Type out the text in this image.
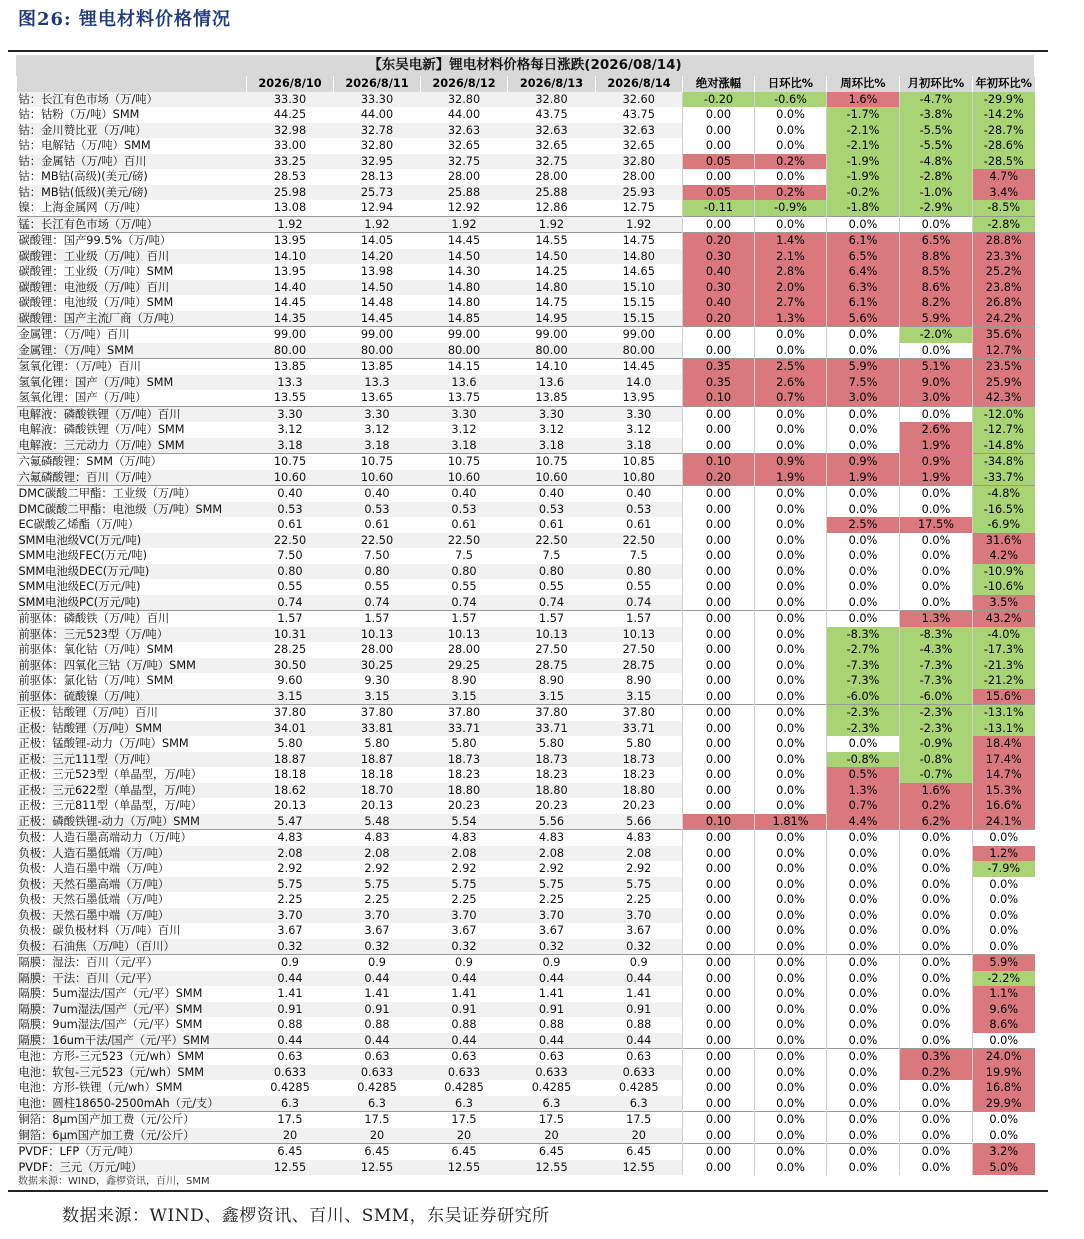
图26: 锂电材料价格情况
【东吴电新】锂电材料价格每日涨跌(2026/08/14)
	2026/8/10	2026/8/11	2026/8/12	2026/8/13	2026/8/14	绝对涨幅	日环比%	周环比%	月初环比%	年初环比%
钴：长江有色市场（万/吨）	33.30	33.30	32.80	32.80	32.60	-0.20	-0.6%	1.6%	-4.7%	-29.9%
钴：钴粉（万/吨）SMM	44.25	44.00	44.00	43.75	43.75	0.00	0.0%	-1.7%	-3.8%	-14.2%
钴：金川赞比亚（万/吨）	32.98	32.78	32.63	32.63	32.63	0.00	0.0%	-2.1%	-5.5%	-28.7%
钴：电解钴（万/吨）SMM	33.00	32.80	32.65	32.65	32.65	0.00	0.0%	-2.1%	-5.5%	-28.6%
钴：金属钴（万/吨）百川	33.25	32.95	32.75	32.75	32.80	0.05	0.2%	-1.9%	-4.8%	-28.5%
钴：MB钴(高级)(美元/磅)	28.53	28.13	28.00	28.00	28.00	0.00	0.0%	-1.9%	-2.8%	4.7%
钴：MB钴(低级)(美元/磅)	25.98	25.73	25.88	25.88	25.93	0.05	0.2%	-0.2%	-1.0%	3.4%
镍：上海金属网（万/吨）	13.08	12.94	12.92	12.86	12.75	-0.11	-0.9%	-1.8%	-2.9%	-8.5%
锰：长江有色市场（万/吨）	1.92	1.92	1.92	1.92	1.92	0.00	0.0%	0.0%	0.0%	-2.8%
碳酸锂：国产99.5%（万/吨）	13.95	14.05	14.45	14.55	14.75	0.20	1.4%	6.1%	6.5%	28.8%
碳酸锂：工业级（万/吨）百川	14.10	14.20	14.50	14.50	14.80	0.30	2.1%	6.5%	8.8%	23.3%
碳酸锂：工业级（万/吨）SMM	13.95	13.98	14.30	14.25	14.65	0.40	2.8%	6.4%	8.5%	25.2%
碳酸锂：电池级（万/吨）百川	14.40	14.50	14.80	14.80	15.10	0.30	2.0%	6.3%	8.6%	23.8%
碳酸锂：电池级（万/吨）SMM	14.45	14.48	14.80	14.75	15.15	0.40	2.7%	6.1%	8.2%	26.8%
碳酸锂：国产主流厂商（万/吨）	14.35	14.45	14.85	14.95	15.15	0.20	1.3%	5.6%	5.9%	24.2%
金属锂：（万/吨）百川	99.00	99.00	99.00	99.00	99.00	0.00	0.0%	0.0%	-2.0%	35.6%
金属锂：（万/吨）SMM	80.00	80.00	80.00	80.00	80.00	0.00	0.0%	0.0%	0.0%	12.7%
氢氧化锂：（万/吨）百川	13.85	13.85	14.15	14.10	14.45	0.35	2.5%	5.9%	5.1%	23.5%
氢氧化锂：国产（万/吨）SMM	13.3	13.3	13.6	13.6	14.0	0.35	2.6%	7.5%	9.0%	25.9%
氢氧化锂：国产（万/吨）	13.55	13.65	13.75	13.85	13.95	0.10	0.7%	3.0%	3.0%	42.3%
电解液：磷酸铁锂（万/吨）百川	3.30	3.30	3.30	3.30	3.30	0.00	0.0%	0.0%	0.0%	-12.0%
电解液：磷酸铁锂（万/吨）SMM	3.12	3.12	3.12	3.12	3.12	0.00	0.0%	0.0%	2.6%	-12.7%
电解液：三元动力（万/吨）SMM	3.18	3.18	3.18	3.18	3.18	0.00	0.0%	0.0%	1.9%	-14.8%
六氟磷酸锂：SMM（万/吨）	10.75	10.75	10.75	10.75	10.85	0.10	0.9%	0.9%	0.9%	-34.8%
六氟磷酸锂：百川（万/吨）	10.60	10.60	10.60	10.60	10.80	0.20	1.9%	1.9%	1.9%	-33.7%
DMC碳酸二甲酯：工业级（万/吨）	0.40	0.40	0.40	0.40	0.40	0.00	0.0%	0.0%	0.0%	-4.8%
DMC碳酸二甲酯：电池级（万/吨）SMM	0.53	0.53	0.53	0.53	0.53	0.00	0.0%	0.0%	0.0%	-16.5%
EC碳酸乙烯酯（万/吨）	0.61	0.61	0.61	0.61	0.61	0.00	0.0%	2.5%	17.5%	-6.9%
SMM电池级VC(万元/吨)	22.50	22.50	22.50	22.50	22.50	0.00	0.0%	0.0%	0.0%	31.6%
SMM电池级FEC(万元/吨)	7.50	7.50	7.5	7.5	7.5	0.00	0.0%	0.0%	0.0%	4.2%
SMM电池级DEC(万元/吨)	0.80	0.80	0.80	0.80	0.80	0.00	0.0%	0.0%	0.0%	-10.9%
SMM电池级EC(万元/吨)	0.55	0.55	0.55	0.55	0.55	0.00	0.0%	0.0%	0.0%	-10.6%
SMM电池级PC(万元/吨)	0.74	0.74	0.74	0.74	0.74	0.00	0.0%	0.0%	0.0%	3.5%
前驱体：磷酸铁（万/吨）百川	1.57	1.57	1.57	1.57	1.57	0.00	0.0%	0.0%	1.3%	43.2%
前驱体：三元523型（万/吨）	10.31	10.13	10.13	10.13	10.13	0.00	0.0%	-8.3%	-8.3%	-4.0%
前驱体：氧化钴（万/吨）SMM	28.25	28.00	28.00	27.50	27.50	0.00	0.0%	-2.7%	-4.3%	-17.3%
前驱体：四氧化三钴（万/吨）SMM	30.50	30.25	29.25	28.75	28.75	0.00	0.0%	-7.3%	-7.3%	-21.3%
前驱体：氯化钴（万/吨）SMM	9.60	9.30	8.90	8.90	8.90	0.00	0.0%	-7.3%	-7.3%	-21.2%
前驱体：硫酸镍（万/吨）	3.15	3.15	3.15	3.15	3.15	0.00	0.0%	-6.0%	-6.0%	15.6%
正极：钴酸锂（万/吨）百川	37.80	37.80	37.80	37.80	37.80	0.00	0.0%	-2.3%	-2.3%	-13.1%
正极：钴酸锂（万/吨）SMM	34.01	33.81	33.71	33.71	33.71	0.00	0.0%	-2.3%	-2.3%	-13.1%
正极：锰酸锂-动力（万/吨）SMM	5.80	5.80	5.80	5.80	5.80	0.00	0.0%	0.0%	-0.9%	18.4%
正极：三元111型（万/吨）	18.87	18.87	18.73	18.73	18.73	0.00	0.0%	-0.8%	-0.8%	17.4%
正极：三元523型（单晶型，万/吨）	18.18	18.18	18.23	18.23	18.23	0.00	0.0%	0.5%	-0.7%	14.7%
正极：三元622型（单晶型，万/吨）	18.62	18.70	18.80	18.80	18.80	0.00	0.0%	1.3%	1.6%	15.3%
正极：三元811型（单晶型，万/吨）	20.13	20.13	20.23	20.23	20.23	0.00	0.0%	0.7%	0.2%	16.6%
正极：磷酸铁锂-动力（万/吨）SMM	5.47	5.48	5.54	5.56	5.66	0.10	1.81%	4.4%	6.2%	24.1%
负极：人造石墨高端动力（万/吨）	4.83	4.83	4.83	4.83	4.83	0.00	0.0%	0.0%	0.0%	0.0%
负极：人造石墨低端（万/吨）	2.08	2.08	2.08	2.08	2.08	0.00	0.0%	0.0%	0.0%	1.2%
负极：人造石墨中端（万/吨）	2.92	2.92	2.92	2.92	2.92	0.00	0.0%	0.0%	0.0%	-7.9%
负极：天然石墨高端（万/吨）	5.75	5.75	5.75	5.75	5.75	0.00	0.0%	0.0%	0.0%	0.0%
负极：天然石墨低端（万/吨）	2.25	2.25	2.25	2.25	2.25	0.00	0.0%	0.0%	0.0%	0.0%
负极：天然石墨中端（万/吨）	3.70	3.70	3.70	3.70	3.70	0.00	0.0%	0.0%	0.0%	0.0%
负极：碳负极材料（万/吨）百川	3.67	3.67	3.67	3.67	3.67	0.00	0.0%	0.0%	0.0%	0.0%
负极：石油焦（万/吨）（百川）	0.32	0.32	0.32	0.32	0.32	0.00	0.0%	0.0%	0.0%	0.0%
隔膜：湿法：百川（元/平）	0.9	0.9	0.9	0.9	0.9	0.00	0.0%	0.0%	0.0%	5.9%
隔膜：干法：百川（元/平）	0.44	0.44	0.44	0.44	0.44	0.00	0.0%	0.0%	0.0%	-2.2%
隔膜：5um湿法/国产（元/平）SMM	1.41	1.41	1.41	1.41	1.41	0.00	0.0%	0.0%	0.0%	1.1%
隔膜：7um湿法/国产（元/平）SMM	0.91	0.91	0.91	0.91	0.91	0.00	0.0%	0.0%	0.0%	9.6%
隔膜：9um湿法/国产（元/平）SMM	0.88	0.88	0.88	0.88	0.88	0.00	0.0%	0.0%	0.0%	8.6%
隔膜：16um干法/国产（元/平）SMM	0.44	0.44	0.44	0.44	0.44	0.00	0.0%	0.0%	0.0%	0.0%
电池：方形-三元523（元/wh）SMM	0.63	0.63	0.63	0.63	0.63	0.00	0.0%	0.0%	0.3%	24.0%
电池：软包-三元523（元/wh）SMM	0.633	0.633	0.633	0.633	0.633	0.00	0.0%	0.0%	0.2%	19.9%
电池：方形-铁锂（元/wh）SMM	0.4285	0.4285	0.4285	0.4285	0.4285	0.00	0.0%	0.0%	0.0%	16.8%
电池：圆柱18650-2500mAh（元/支）	6.3	6.3	6.3	6.3	6.3	0.00	0.0%	0.0%	0.0%	29.9%
铜箔：8μm国产加工费（元/公斤）	17.5	17.5	17.5	17.5	17.5	0.00	0.0%	0.0%	0.0%	0.0%
铜箔：6μm国产加工费（元/公斤）	20	20	20	20	20	0.00	0.0%	0.0%	0.0%	0.0%
PVDF：LFP（万元/吨）	6.45	6.45	6.45	6.45	6.45	0.00	0.0%	0.0%	0.0%	3.2%
PVDF：三元（万元/吨）	12.55	12.55	12.55	12.55	12.55	0.00	0.0%	0.0%	0.0%	5.0%
数据来源：WIND，鑫椤资讯，百川，SMM
数据来源：WIND、鑫椤资讯、百川、SMM，东吴证券研究所
